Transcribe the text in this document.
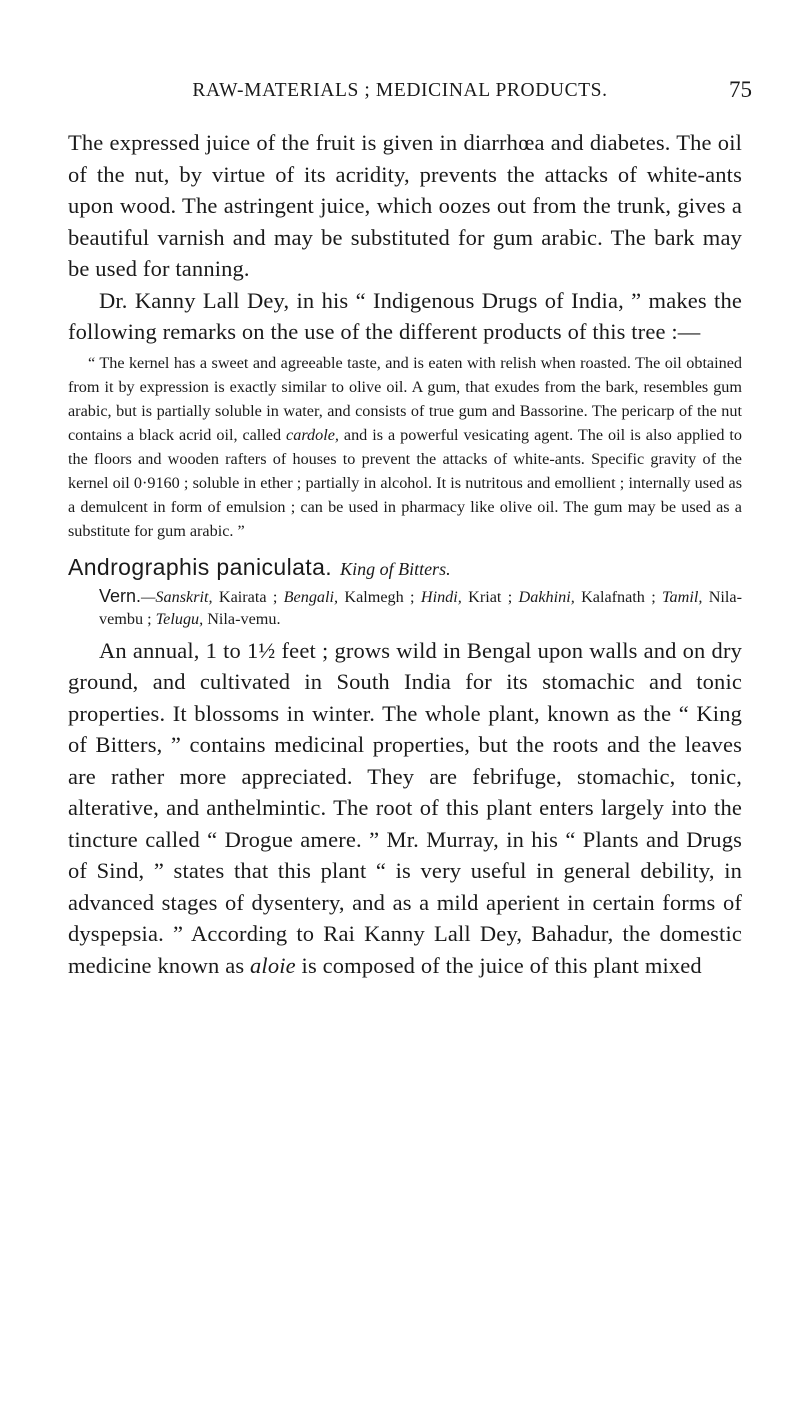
RAW-MATERIALS ; MEDICINAL PRODUCTS.	75

The expressed juice of the fruit is given in diarrhœa and diabetes. The oil of the nut, by virtue of its acridity, prevents the attacks of white-ants upon wood. The astringent juice, which oozes out from the trunk, gives a beautiful varnish and may be substituted for gum arabic. The bark may be used for tanning.

Dr. Kanny Lall Dey, in his “ Indigenous Drugs of India, ” makes the following remarks on the use of the different products of this tree :—

“ The kernel has a sweet and agreeable taste, and is eaten with relish when roasted. The oil obtained from it by expression is exactly similar to olive oil. A gum, that exudes from the bark, resembles gum arabic, but is partially soluble in water, and consists of true gum and Bassorine. The pericarp of the nut contains a black acrid oil, called cardole, and is a powerful vesicating agent. The oil is also applied to the floors and wooden rafters of houses to prevent the attacks of white-ants. Specific gravity of the kernel oil 0·9160 ; soluble in ether ; partially in alcohol. It is nutritous and emollient ; internally used as a demulcent in form of emulsion ; can be used in pharmacy like olive oil. The gum may be used as a substitute for gum arabic. ”

Andrographis paniculata. King of Bitters.

Vern.—Sanskrit, Kairata ; Bengali, Kalmegh ; Hindi, Kriat ; Dakhini, Kalafnath ; Tamil, Nila-vembu ; Telugu, Nila-vemu.

An annual, 1 to 1½ feet ; grows wild in Bengal upon walls and on dry ground, and cultivated in South India for its stomachic and tonic properties. It blossoms in winter. The whole plant, known as the “ King of Bitters, ” contains medicinal properties, but the roots and the leaves are rather more appreciated. They are febrifuge, stomachic, tonic, alterative, and anthelmintic. The root of this plant enters largely into the tincture called “ Drogue amere. ” Mr. Murray, in his “ Plants and Drugs of Sind, ” states that this plant “ is very useful in general debility, in advanced stages of dysentery, and as a mild aperient in certain forms of dyspepsia. ” According to Rai Kanny Lall Dey, Bahadur, the domestic medicine known as aloie is composed of the juice of this plant mixed
